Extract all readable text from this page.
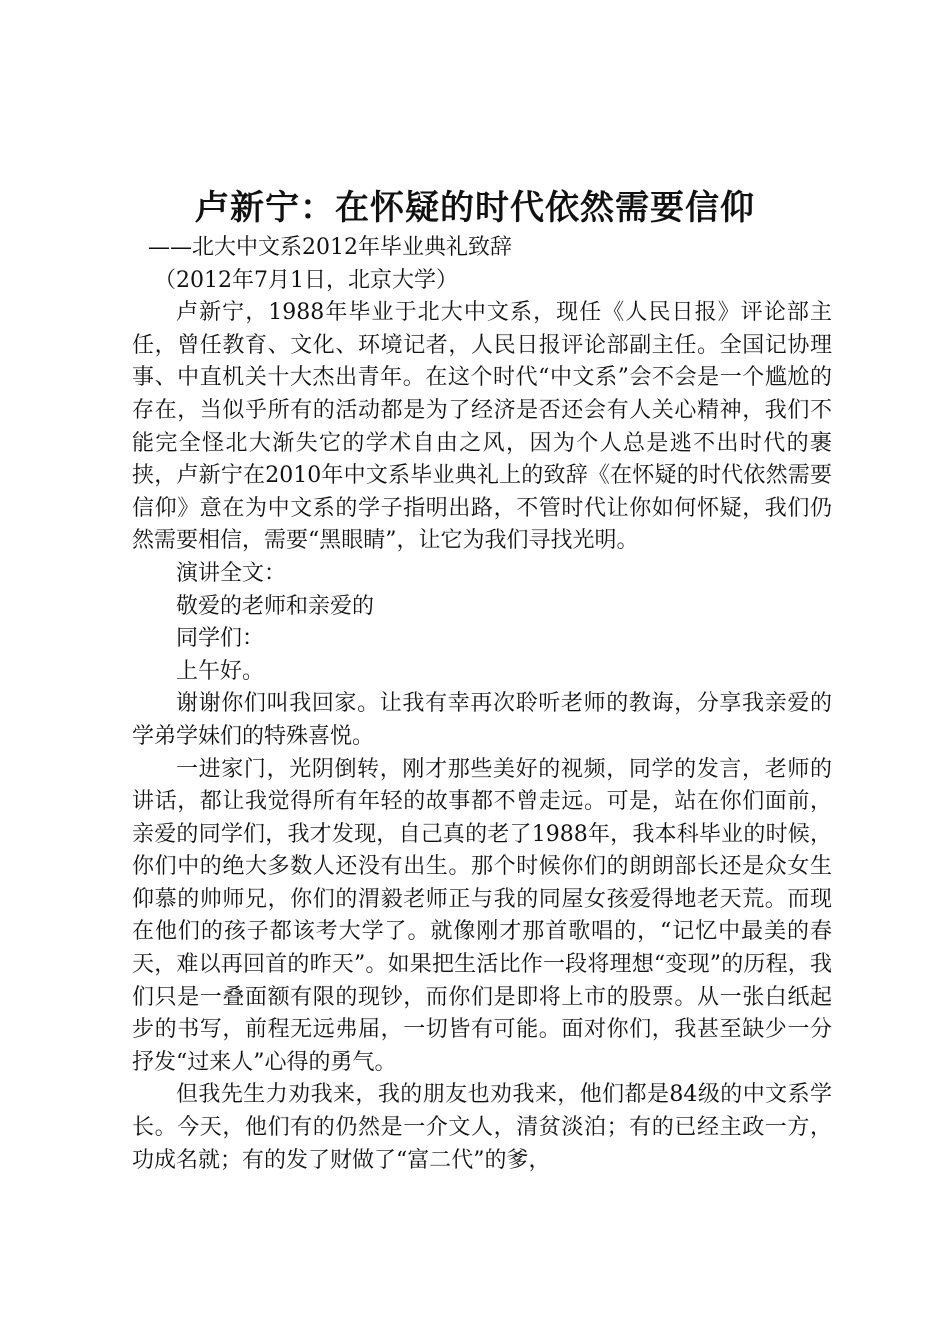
卢新宁：在怀疑的时代依然需要信仰

——北大中文系2012年毕业典礼致辞

（2012年7月1日，北京大学）

卢新宁，1988年毕业于北大中文系，现任《人民日报》评论部主任，曾任教育、文化、环境记者，人民日报评论部副主任。全国记协理事、中直机关十大杰出青年。在这个时代“中文系”会不会是一个尴尬的存在，当似乎所有的活动都是为了经济是否还会有人关心精神，我们不能完全怪北大渐失它的学术自由之风，因为个人总是逃不出时代的裹挟，卢新宁在2010年中文系毕业典礼上的致辞《在怀疑的时代依然需要信仰》意在为中文系的学子指明出路，不管时代让你如何怀疑，我们仍然需要相信，需要“黑眼睛”，让它为我们寻找光明。

演讲全文：

敬爱的老师和亲爱的

同学们：

上午好。

谢谢你们叫我回家。让我有幸再次聆听老师的教诲，分享我亲爱的学弟学妹们的特殊喜悦。

一进家门，光阴倒转，刚才那些美好的视频，同学的发言，老师的讲话，都让我觉得所有年轻的故事都不曾走远。可是，站在你们面前，亲爱的同学们，我才发现，自己真的老了1988年，我本科毕业的时候，你们中的绝大多数人还没有出生。那个时候你们的朗朗部长还是众女生仰慕的帅师兄，你们的渭毅老师正与我的同屋女孩爱得地老天荒。而现在他们的孩子都该考大学了。就像刚才那首歌唱的，“记忆中最美的春天，难以再回首的昨天”。如果把生活比作一段将理想“变现”的历程，我们只是一叠面额有限的现钞，而你们是即将上市的股票。从一张白纸起步的书写，前程无远弗届，一切皆有可能。面对你们，我甚至缺少一分抒发“过来人”心得的勇气。

但我先生力劝我来，我的朋友也劝我来，他们都是84级的中文系学长。今天，他们有的仍然是一介文人，清贫淡泊；有的已经主政一方，功成名就；有的发了财做了“富二代”的爹，
